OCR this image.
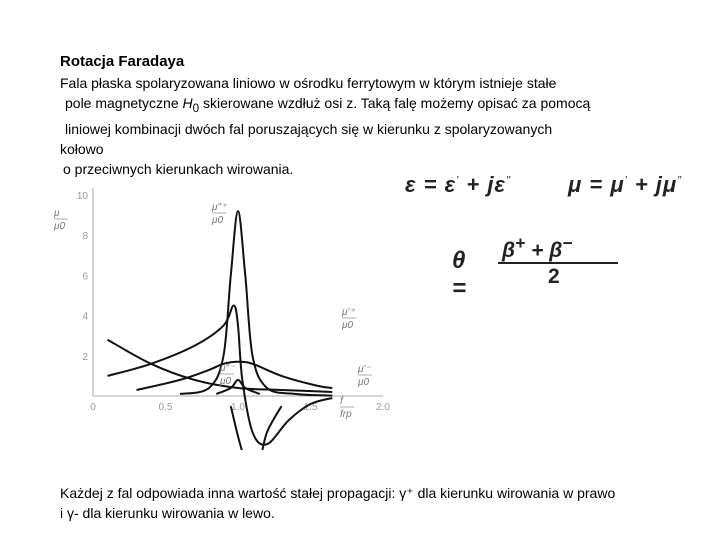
Rotacja Faradaya
Fala płaska spolaryzowana liniowo w ośrodku ferrytowym w którym istnieje stałe
pole magnetyczne $H_0$ skierowane wzdłuż osi z. Taką falę możemy opisać za pomocą
liniowej kombinacji dwóch fal poruszających się w kierunku z spolaryzowanych
kołowo
o przeciwnych kierunkach wirowania.
ε = ε' + jε"	μ = μ' + jμ"
θ =
β+ + β−
2
2
4
6
8
10
0	0.5	1.0	1.5	2.0
μ
μ0
μ"⁺
μ0
μ'⁺
μ0
μ"⁻
μ0
μ'⁻
μ0
f
frp
Każdej z fal odpowiada inna wartość stałej propagacji: γ⁺ dla kierunku wirowania w prawo
i γ- dla kierunku wirowania w lewo.
